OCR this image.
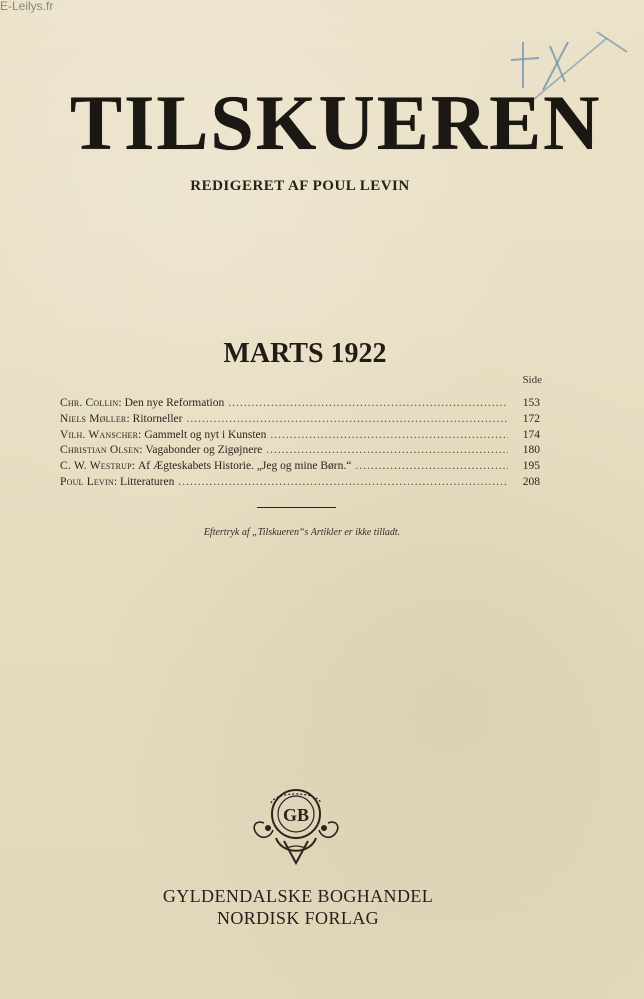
E-Leilys.fr
TILSKUEREN
REDIGERET AF POUL LEVIN
MARTS 1922
Side
Chr. Collin : Den nye Reformation .....	153
Niels Møller : Ritorneller .....	172
Vilh. Wanscher : Gammelt og nyt i Kunsten .....	174
Christian Olsen : Vagabonder og Zigøjnere .....	180
C. W. Westrup : Af Ægteskabets Historie. „Jeg og mine Børn.“ .....	195
Poul Levin : Litteraturen .....	208
Eftertryk af „Tilskueren“s Artikler er ikke tilladt.
GB
GYLDENDALSKE BOGHANDEL
NORDISK FORLAG
